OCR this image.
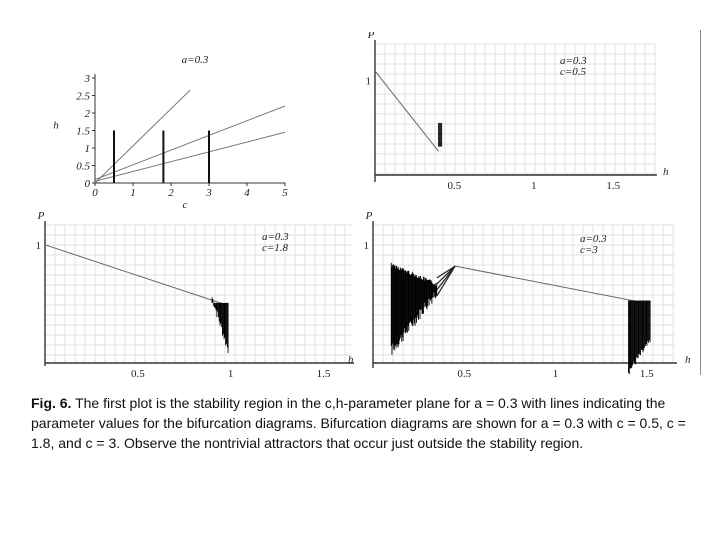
0	1	2	3	4	5
0
0.5
1
1.5
2
2.5
3
c
h
a=0.3
0.5	1	1.5
1
h
P
a=0.3
c=0.5
0.5	1	1.5
1
h
P
a=0.3
c=1.8
0.5	1	1.5
1
h
P
a=0.3
c=3
Fig. 6. The first plot is the stability region in the c,h-parameter plane for a = 0.3 with lines indicating the parameter values for the bifurcation diagrams. Bifurcation diagrams are shown for a = 0.3 with c = 0.5, c = 1.8, and c = 3. Observe the nontrivial attractors that occur just outside the stability region.
